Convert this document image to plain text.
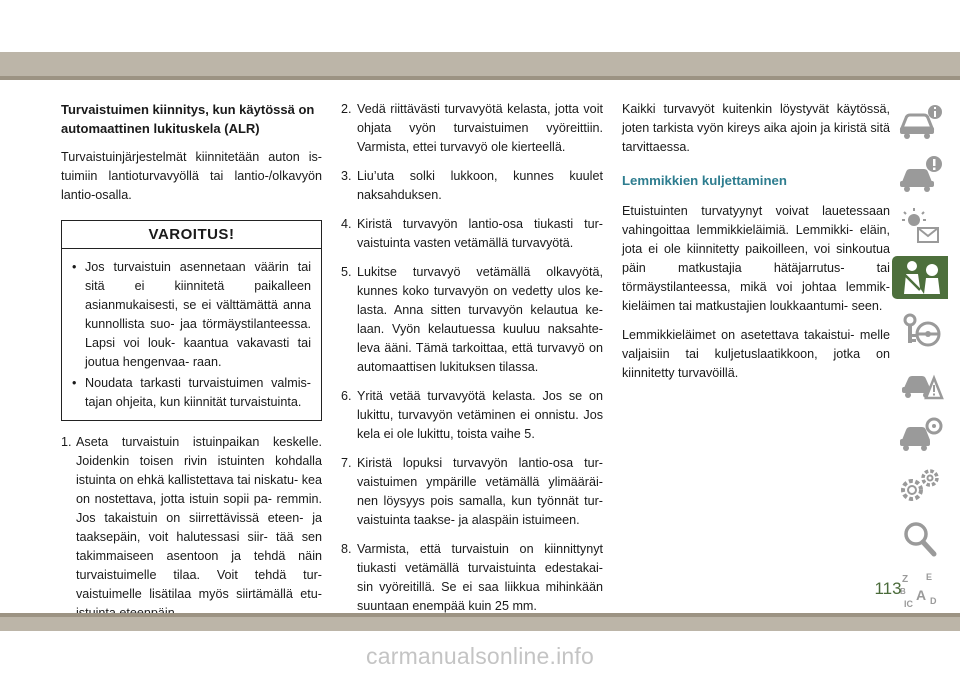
Turvaistuimen kiinnitys, kun käytössä on automaattinen lukituskela (ALR)

Turvaistuinjärjestelmät kiinnitetään auton is- tuimiin lantioturvavyöllä tai lantio-/olkavyön lantio-osalla.

VAROITUS!
• Jos turvaistuin asennetaan väärin tai sitä ei kiinnitetä paikalleen asianmukaisesti, se ei välttämättä anna kunnollista suo- jaa törmäystilanteessa. Lapsi voi louk- kaantua vakavasti tai joutua hengenvaa- raan.
• Noudata tarkasti turvaistuimen valmis- tajan ohjeita, kun kiinnität turvaistuinta.
1. Aseta turvaistuin istuinpaikan keskelle. Joidenkin toisen rivin istuinten kohdalla istuinta on ehkä kallistettava tai niskatu- kea on nostettava, jotta istuin sopii pa- remmin. Jos takaistuin on siirrettävissä eteen- ja taaksepäin, voit halutessasi siir- tää sen takimmaiseen asentoon ja tehdä näin turvaistuimelle tilaa. Voit tehdä tur- vaistuimelle lisätilaa myös siirtämällä etu-
2. Vedä riittävästi turvavyötä kelasta, jotta voit ohjata vyön turvaistuimen vyöreittiin. Varmista, ettei turvavyö ole kierteellä.
3. Liu’uta solki lukkoon, kunnes kuulet naksahduksen.
4. Kiristä turvavyön lantio-osa tiukasti tur- vaistuinta vasten vetämällä turvavyötä.
5. Lukitse turvavyö vetämällä olkavyötä, kunnes koko turvavyön on vedetty ulos ke- lasta. Anna sitten turvavyön kelautua ke- laan. Vyön kelautuessa kuuluu naksahte- leva ääni. Tämä tarkoittaa, että turvavyö on automaattisen lukituksen tilassa.
6. Yritä vetää turvavyötä kelasta. Jos se on lukittu, turvavyön vetäminen ei onnistu. Jos kela ei ole lukittu, toista vaihe 5.
7. Kiristä lopuksi turvavyön lantio-osa tur- vaistuimen ympärille vetämällä ylimääräi- nen löysyys pois samalla, kun työnnät tur- vaistuinta taakse- ja alaspäin istuimeen.
8. Varmista, että turvaistuin on kiinnittynyt tiukasti vetämällä turvaistuinta edestakai- sin vyöreitillä. Se ei saa liikkua mihinkään suuntaan enempää kuin 25 mm.

Kaikki turvavyöt kuitenkin löystyvät käytössä, joten tarkista vyön kireys aika ajoin ja kiristä sitä tarvittaessa.

Lemmikkien kuljettaminen

Etuistuinten turvatyynyt voivat lauetessaan vahingoittaa lemmikkieläimiä. Lemmikki- eläin, jota ei ole kiinnitetty paikoilleen, voi sinkoutua päin matkustajia hätäjarrutus- tai törmäystilanteessa, mikä voi johtaa lemmik- kieläimen tai matkustajien loukkaantumi- seen.

Lemmikkieläimet on asetettava takaistui- melle valjaisiin tai kuljetuslaatikkoon, jotka on kiinnitetty turvavöillä.

Z E
B A
IC D
113
carmanualsonline.info
